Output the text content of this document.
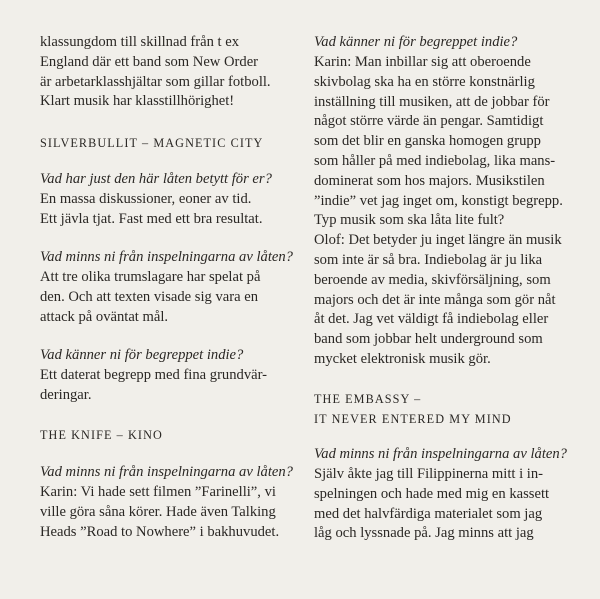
klassungdom till skillnad från t ex
England där ett band som New Order
är arbetarklasshjältar som gillar fotboll.
Klart musik har klasstillhörighet!

SILVERBULLIT – MAGNETIC CITY

Vad har just den här låten betytt för er?

En massa diskussioner, eoner av tid.
Ett jävla tjat. Fast med ett bra resultat.

Vad minns ni från inspelningarna av låten?

Att tre olika trumslagare har spelat på
den. Och att texten visade sig vara en
attack på oväntat mål.

Vad känner ni för begreppet indie?

Ett daterat begrepp med fina grundvär-
deringar.

THE KNIFE – KINO

Vad minns ni från inspelningarna av låten?

Karin: Vi hade sett filmen ”Farinelli”, vi
ville göra såna körer. Hade även Talking
Heads ”Road to Nowhere” i bakhuvudet.

Vad känner ni för begreppet indie?

Karin: Man inbillar sig att oberoende
skivbolag ska ha en större konstnärlig
inställning till musiken, att de jobbar för
något större värde än pengar. Samtidigt
som det blir en ganska homogen grupp
som håller på med indiebolag, lika mans-
dominerat som hos majors. Musikstilen
”indie” vet jag inget om, konstigt begrepp.
Typ musik som ska låta lite fult?
Olof: Det betyder ju inget längre än musik
som inte är så bra. Indiebolag är ju lika
beroende av media, skivförsäljning, som
majors och det är inte många som gör nåt
åt det. Jag vet väldigt få indiebolag eller
band som jobbar helt underground som
mycket elektronisk musik gör.

THE EMBASSY –
IT NEVER ENTERED MY MIND

Vad minns ni från inspelningarna av låten?

Själv åkte jag till Filippinerna mitt i in-
spelningen och hade med mig en kassett
med det halvfärdiga materialet som jag
låg och lyssnade på. Jag minns att jag
